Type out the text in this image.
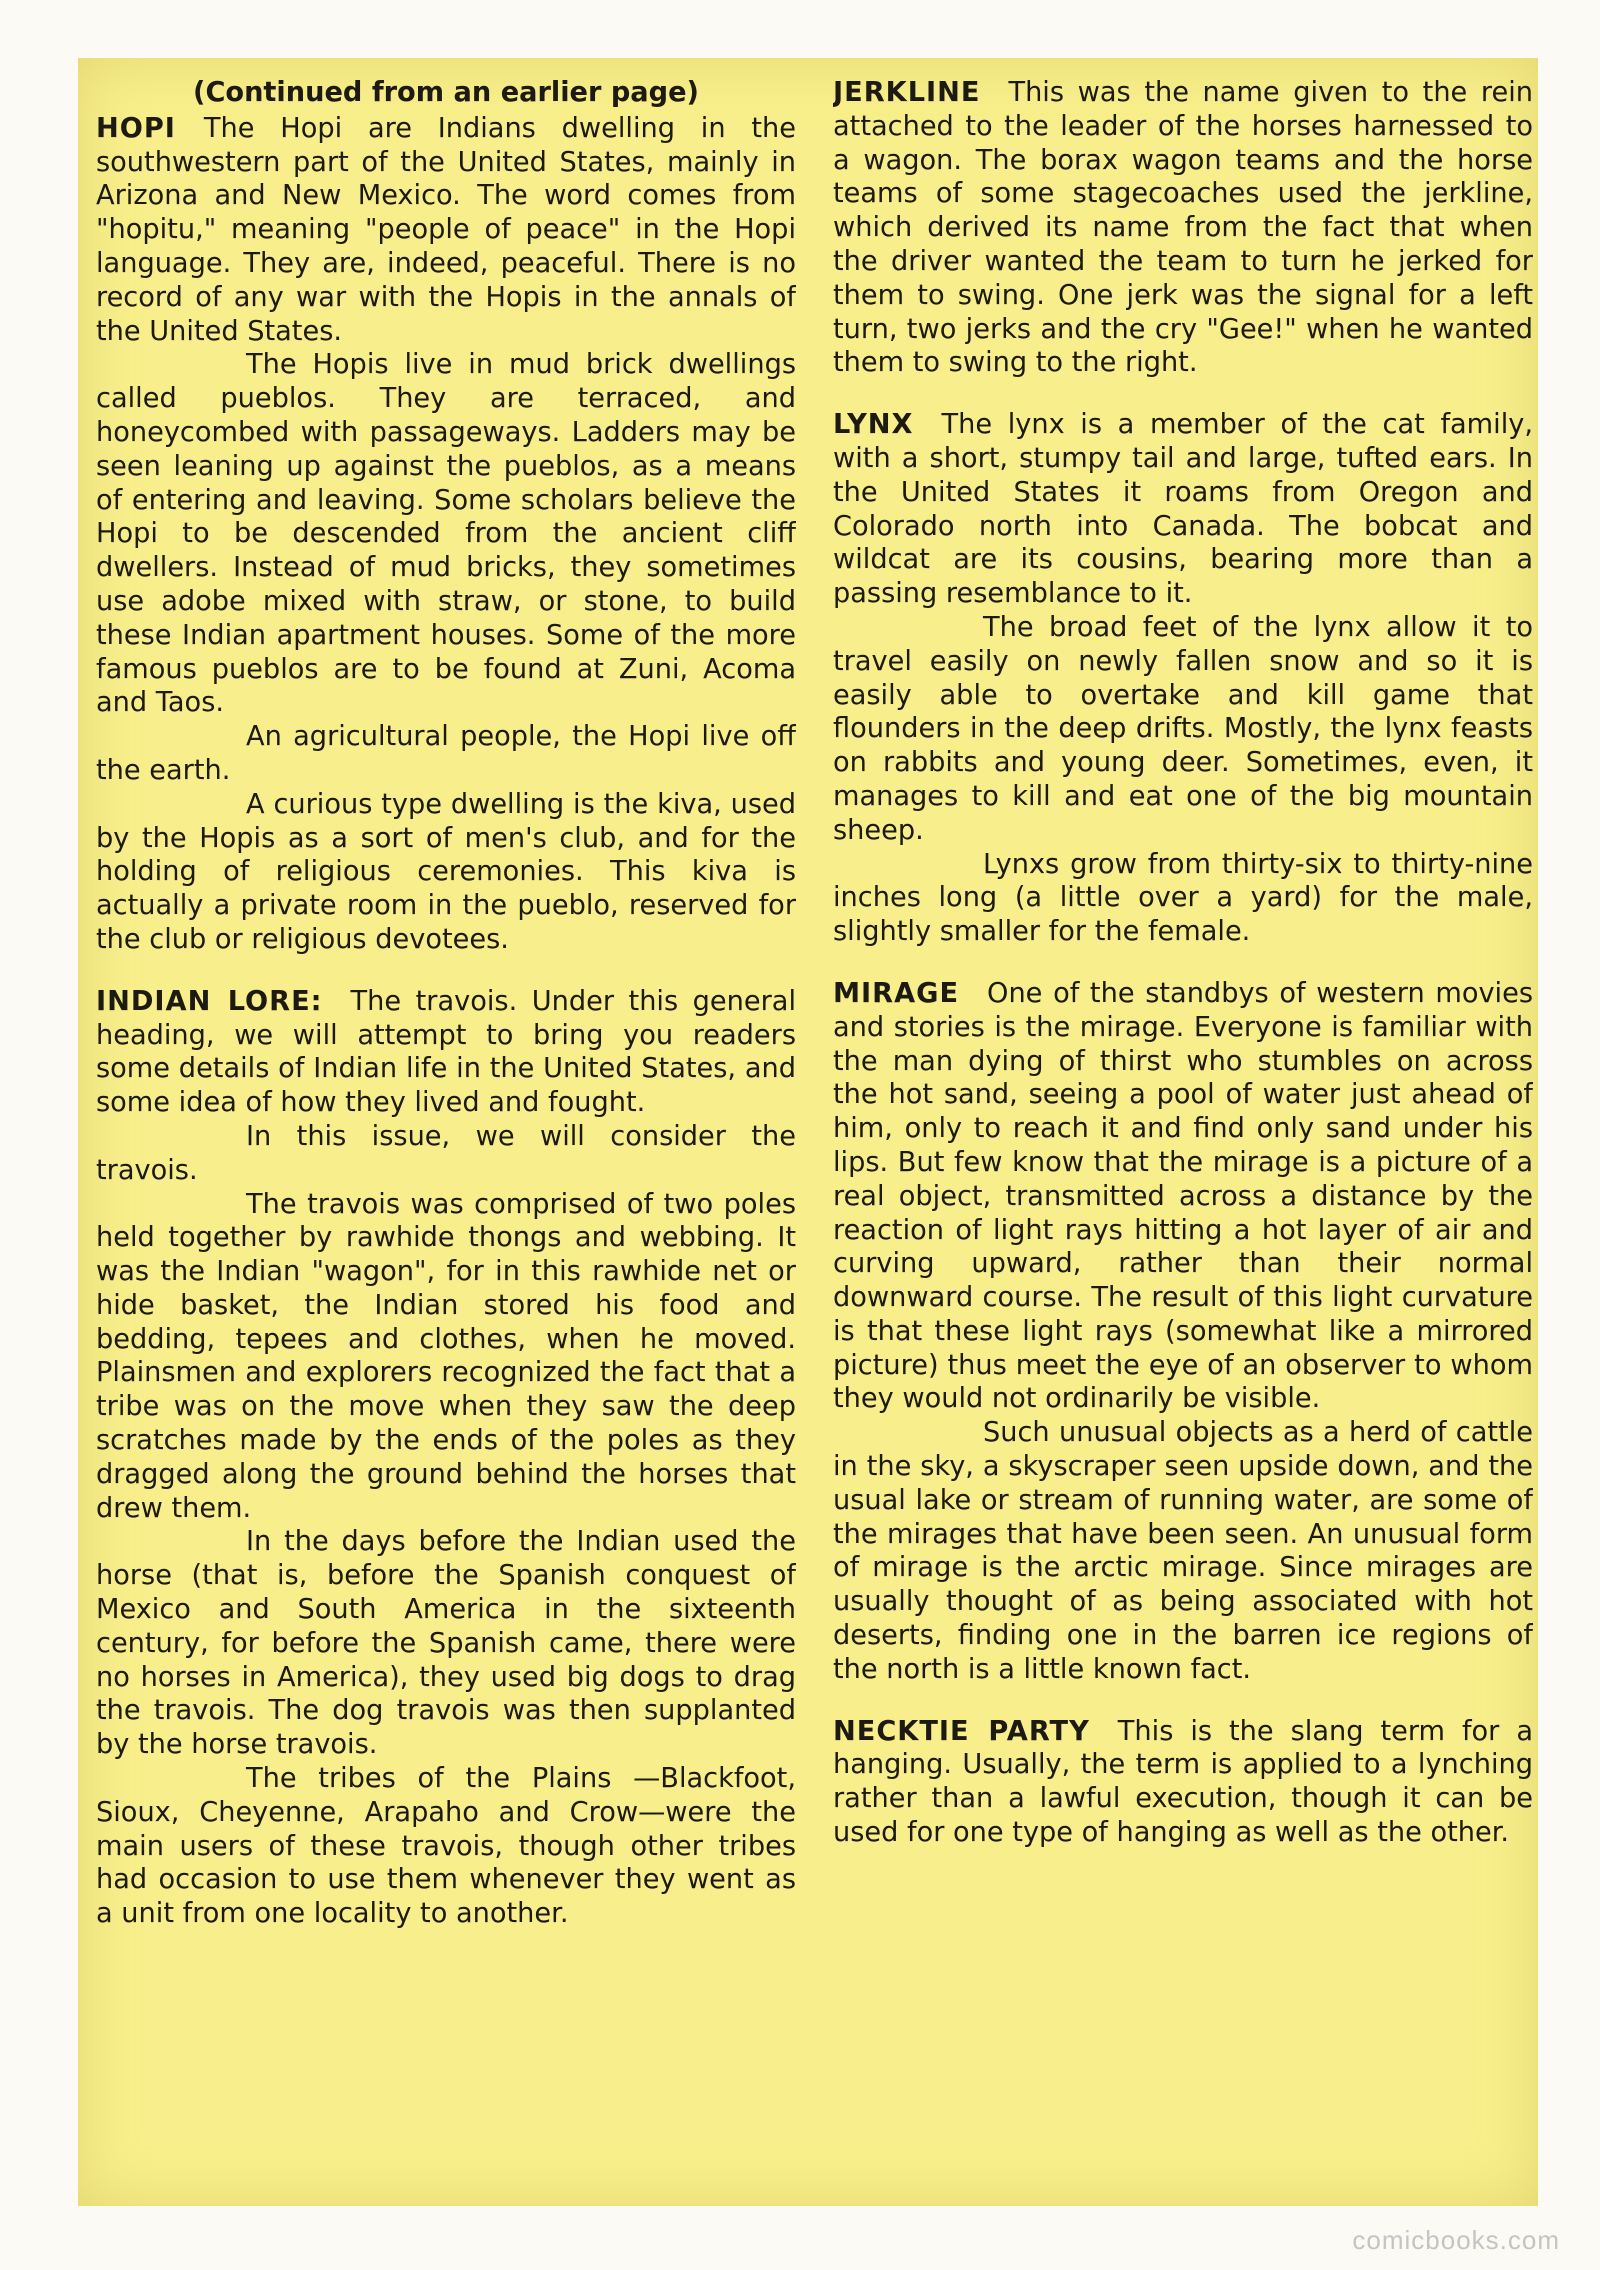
(Continued from an earlier page)

HOPI The Hopi are Indians dwelling in the southwestern part of the United States, mainly in Arizona and New Mexico. The word comes from "hopitu," meaning "people of peace" in the Hopi language. They are, indeed, peaceful. There is no record of any war with the Hopis in the annals of the United States.

The Hopis live in mud brick dwellings called pueblos. They are terraced, and honeycombed with passageways. Ladders may be seen leaning up against the pueblos, as a means of entering and leaving. Some scholars believe the Hopi to be descended from the ancient cliff dwellers. Instead of mud bricks, they sometimes use adobe mixed with straw, or stone, to build these Indian apartment houses. Some of the more famous pueblos are to be found at Zuni, Acoma and Taos.

An agricultural people, the Hopi live off the earth.

A curious type dwelling is the kiva, used by the Hopis as a sort of men's club, and for the holding of religious ceremonies. This kiva is actually a private room in the pueblo, reserved for the club or religious devotees.

INDIAN LORE: The travois. Under this general heading, we will attempt to bring you readers some details of Indian life in the United States, and some idea of how they lived and fought.

In this issue, we will consider the travois.

The travois was comprised of two poles held together by rawhide thongs and webbing. It was the Indian "wagon", for in this rawhide net or hide basket, the Indian stored his food and bedding, tepees and clothes, when he moved. Plainsmen and explorers recognized the fact that a tribe was on the move when they saw the deep scratches made by the ends of the poles as they dragged along the ground behind the horses that drew them.

In the days before the Indian used the horse (that is, before the Spanish conquest of Mexico and South America in the sixteenth century, for before the Spanish came, there were no horses in America), they used big dogs to drag the travois. The dog travois was then supplanted by the horse travois.

The tribes of the Plains —Blackfoot, Sioux, Cheyenne, Arapaho and Crow—were the main users of these travois, though other tribes had occasion to use them whenever they went as a unit from one locality to another.

JERKLINE This was the name given to the rein attached to the leader of the horses harnessed to a wagon. The borax wagon teams and the horse teams of some stagecoaches used the jerkline, which derived its name from the fact that when the driver wanted the team to turn he jerked for them to swing. One jerk was the signal for a left turn, two jerks and the cry "Gee!" when he wanted them to swing to the right.

LYNX The lynx is a member of the cat family, with a short, stumpy tail and large, tufted ears. In the United States it roams from Oregon and Colorado north into Canada. The bobcat and wildcat are its cousins, bearing more than a passing resemblance to it.

The broad feet of the lynx allow it to travel easily on newly fallen snow and so it is easily able to overtake and kill game that flounders in the deep drifts. Mostly, the lynx feasts on rabbits and young deer. Sometimes, even, it manages to kill and eat one of the big mountain sheep.

Lynxs grow from thirty-six to thirty-nine inches long (a little over a yard) for the male, slightly smaller for the female.

MIRAGE One of the standbys of western movies and stories is the mirage. Everyone is familiar with the man dying of thirst who stumbles on across the hot sand, seeing a pool of water just ahead of him, only to reach it and find only sand under his lips. But few know that the mirage is a picture of a real object, transmitted across a distance by the reaction of light rays hitting a hot layer of air and curving upward, rather than their normal downward course. The result of this light curvature is that these light rays (somewhat like a mirrored picture) thus meet the eye of an observer to whom they would not ordinarily be visible.

Such unusual objects as a herd of cattle in the sky, a skyscraper seen upside down, and the usual lake or stream of running water, are some of the mirages that have been seen. An unusual form of mirage is the arctic mirage. Since mirages are usually thought of as being associated with hot deserts, finding one in the barren ice regions of the north is a little known fact.

NECKTIE PARTY This is the slang term for a hanging. Usually, the term is applied to a lynching rather than a lawful execution, though it can be used for one type of hanging as well as the other.

comicbooks.com
